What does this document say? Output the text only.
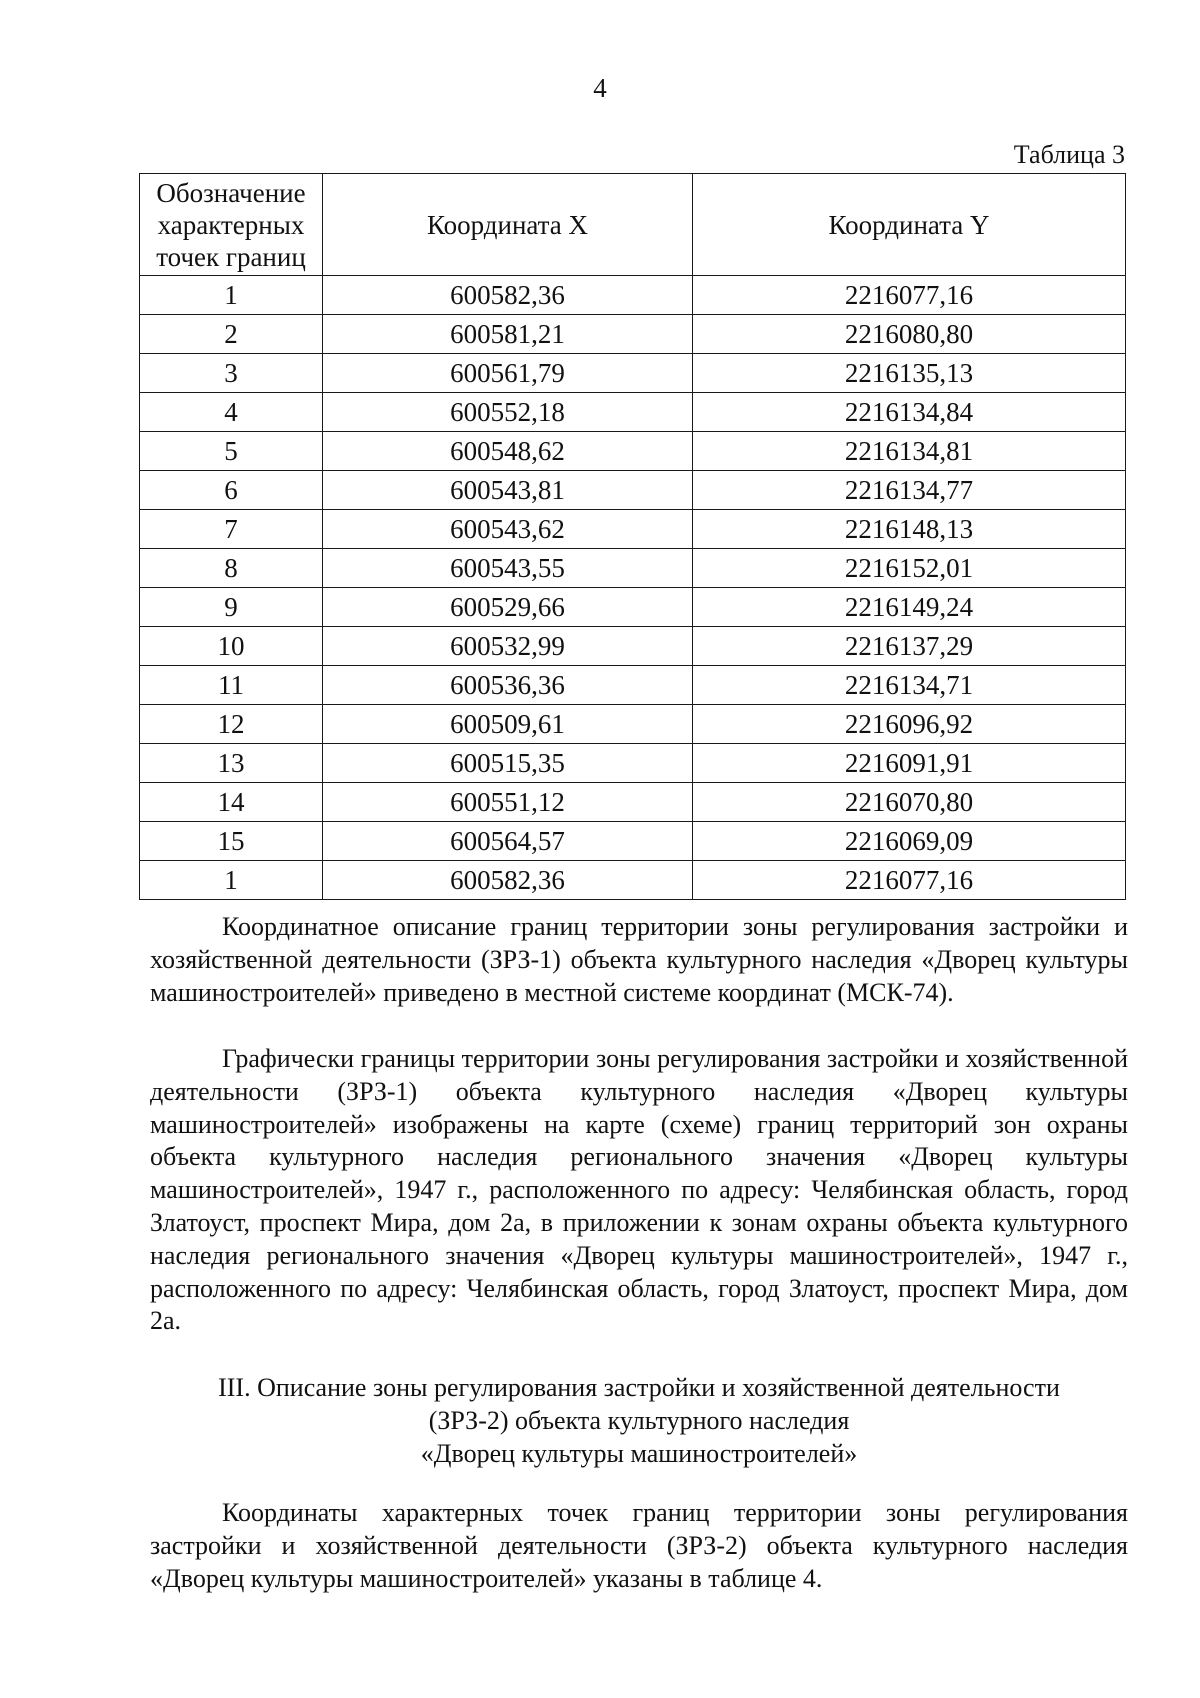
4
Таблица 3
Обозначение характерных точек границ	Координата X	Координата Y
1	600582,36	2216077,16
2	600581,21	2216080,80
3	600561,79	2216135,13
4	600552,18	2216134,84
5	600548,62	2216134,81
6	600543,81	2216134,77
7	600543,62	2216148,13
8	600543,55	2216152,01
9	600529,66	2216149,24
10	600532,99	2216137,29
11	600536,36	2216134,71
12	600509,61	2216096,92
13	600515,35	2216091,91
14	600551,12	2216070,80
15	600564,57	2216069,09
1	600582,36	2216077,16

Координатное описание границ территории зоны регулирования застройки и хозяйственной деятельности (ЗРЗ-1) объекта культурного наследия «Дворец культуры машиностроителей» приведено в местной системе координат (МСК-74).

Графически границы территории зоны регулирования застройки и хозяйственной деятельности (ЗРЗ-1) объекта культурного наследия «Дворец культуры машиностроителей» изображены на карте (схеме) границ территорий зон охраны объекта культурного наследия регионального значения «Дворец культуры машиностроителей», 1947 г., расположенного по адресу: Челябинская область, город Златоуст, проспект Мира, дом 2а, в приложении к зонам охраны объекта культурного наследия регионального значения «Дворец культуры машиностроителей», 1947 г., расположенного по адресу: Челябинская область, город Златоуст, проспект Мира, дом 2а.

III. Описание зоны регулирования застройки и хозяйственной деятельности
(ЗРЗ-2) объекта культурного наследия
«Дворец культуры машиностроителей»

Координаты характерных точек границ территории зоны регулирования застройки и хозяйственной деятельности (ЗРЗ-2) объекта культурного наследия «Дворец культуры машиностроителей» указаны в таблице 4.
